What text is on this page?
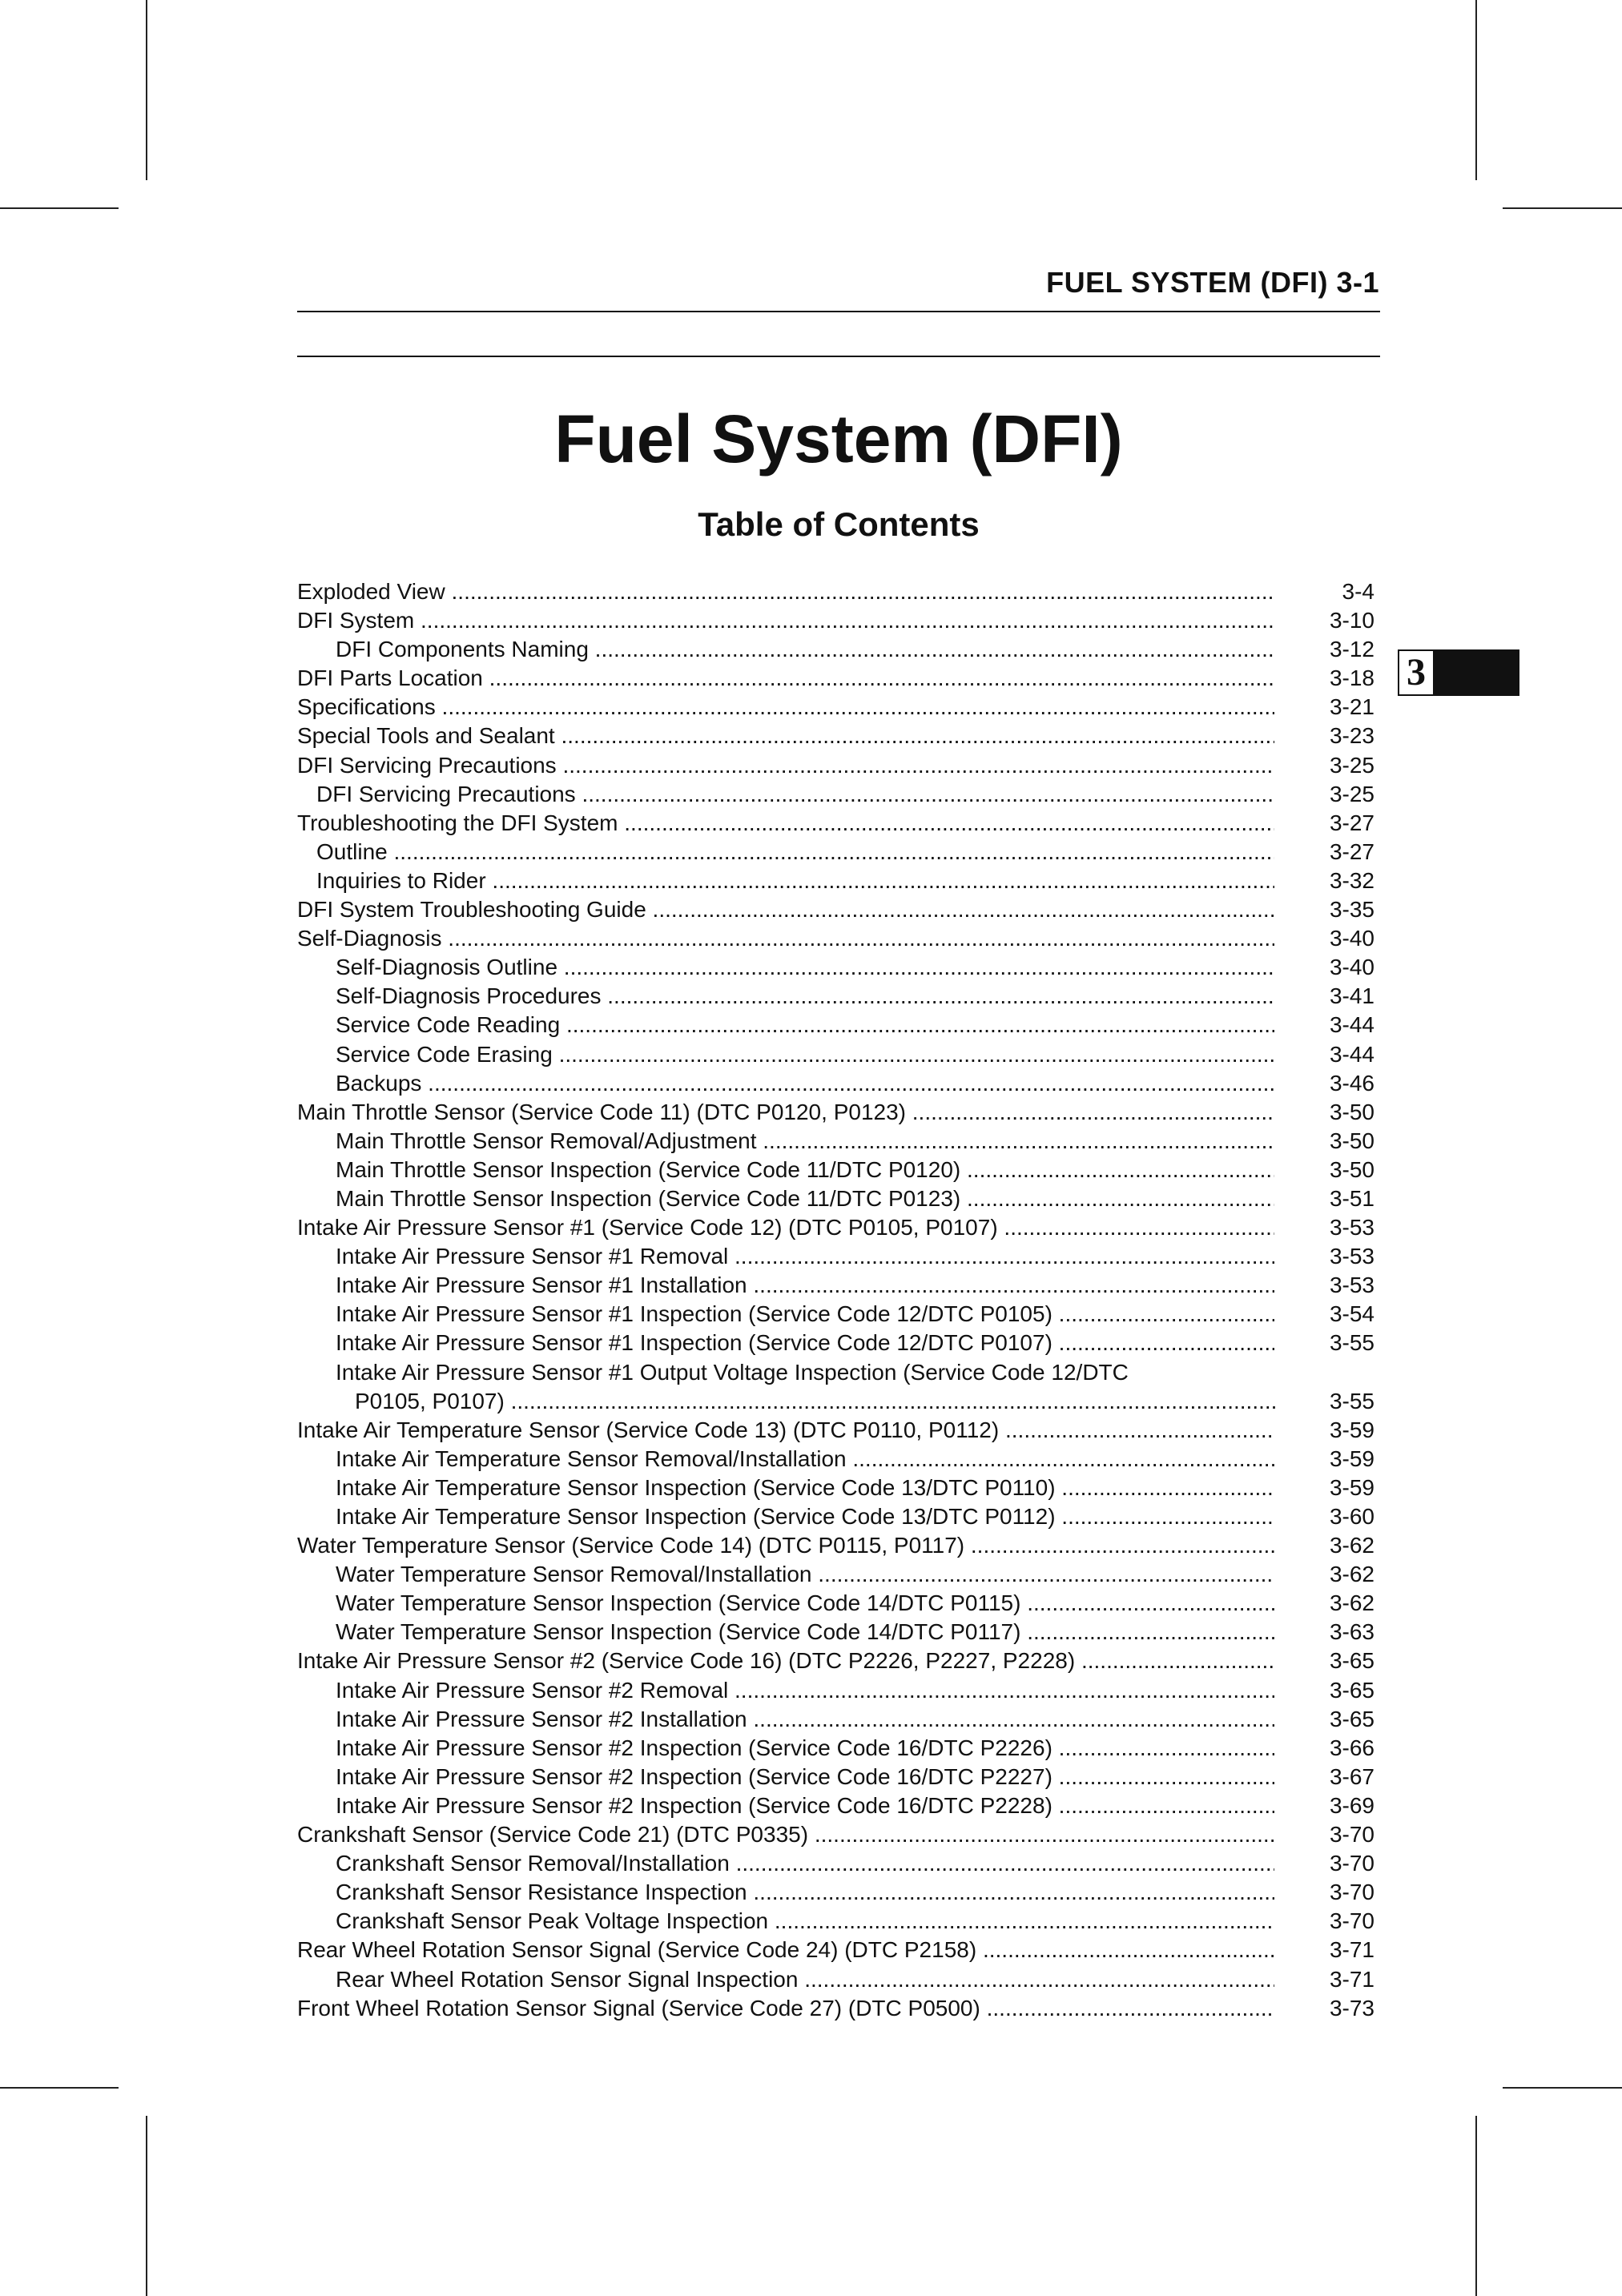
FUEL SYSTEM (DFI) 3-1
Fuel System (DFI)
Table of Contents
3
Exploded View .....	3-4
DFI System .....	3-10
DFI Components Naming .....	3-12
DFI Parts Location .....	3-18
Specifications .....	3-21
Special Tools and Sealant .....	3-23
DFI Servicing Precautions .....	3-25
DFI Servicing Precautions .....	3-25
Troubleshooting the DFI System .....	3-27
Outline .....	3-27
Inquiries to Rider .....	3-32
DFI System Troubleshooting Guide .....	3-35
Self-Diagnosis .....	3-40
Self-Diagnosis Outline .....	3-40
Self-Diagnosis Procedures .....	3-41
Service Code Reading .....	3-44
Service Code Erasing .....	3-44
Backups .....	3-46
Main Throttle Sensor (Service Code 11) (DTC P0120, P0123) .....	3-50
Main Throttle Sensor Removal/Adjustment .....	3-50
Main Throttle Sensor Inspection (Service Code 11/DTC P0120) .....	3-50
Main Throttle Sensor Inspection (Service Code 11/DTC P0123) .....	3-51
Intake Air Pressure Sensor #1 (Service Code 12) (DTC P0105, P0107) .....	3-53
Intake Air Pressure Sensor #1 Removal .....	3-53
Intake Air Pressure Sensor #1 Installation .....	3-53
Intake Air Pressure Sensor #1 Inspection (Service Code 12/DTC P0105) .....	3-54
Intake Air Pressure Sensor #1 Inspection (Service Code 12/DTC P0107) .....	3-55
Intake Air Pressure Sensor #1 Output Voltage Inspection (Service Code 12/DTC
P0105, P0107) .....	3-55
Intake Air Temperature Sensor (Service Code 13) (DTC P0110, P0112) .....	3-59
Intake Air Temperature Sensor Removal/Installation .....	3-59
Intake Air Temperature Sensor Inspection (Service Code 13/DTC P0110) .....	3-59
Intake Air Temperature Sensor Inspection (Service Code 13/DTC P0112) .....	3-60
Water Temperature Sensor (Service Code 14) (DTC P0115, P0117) .....	3-62
Water Temperature Sensor Removal/Installation .....	3-62
Water Temperature Sensor Inspection (Service Code 14/DTC P0115) .....	3-62
Water Temperature Sensor Inspection (Service Code 14/DTC P0117) .....	3-63
Intake Air Pressure Sensor #2 (Service Code 16) (DTC P2226, P2227, P2228) .....	3-65
Intake Air Pressure Sensor #2 Removal .....	3-65
Intake Air Pressure Sensor #2 Installation .....	3-65
Intake Air Pressure Sensor #2 Inspection (Service Code 16/DTC P2226) .....	3-66
Intake Air Pressure Sensor #2 Inspection (Service Code 16/DTC P2227) .....	3-67
Intake Air Pressure Sensor #2 Inspection (Service Code 16/DTC P2228) .....	3-69
Crankshaft Sensor (Service Code 21) (DTC P0335) .....	3-70
Crankshaft Sensor Removal/Installation .....	3-70
Crankshaft Sensor Resistance Inspection .....	3-70
Crankshaft Sensor Peak Voltage Inspection .....	3-70
Rear Wheel Rotation Sensor Signal (Service Code 24) (DTC P2158) .....	3-71
Rear Wheel Rotation Sensor Signal Inspection .....	3-71
Front Wheel Rotation Sensor Signal (Service Code 27) (DTC P0500) .....	3-73
